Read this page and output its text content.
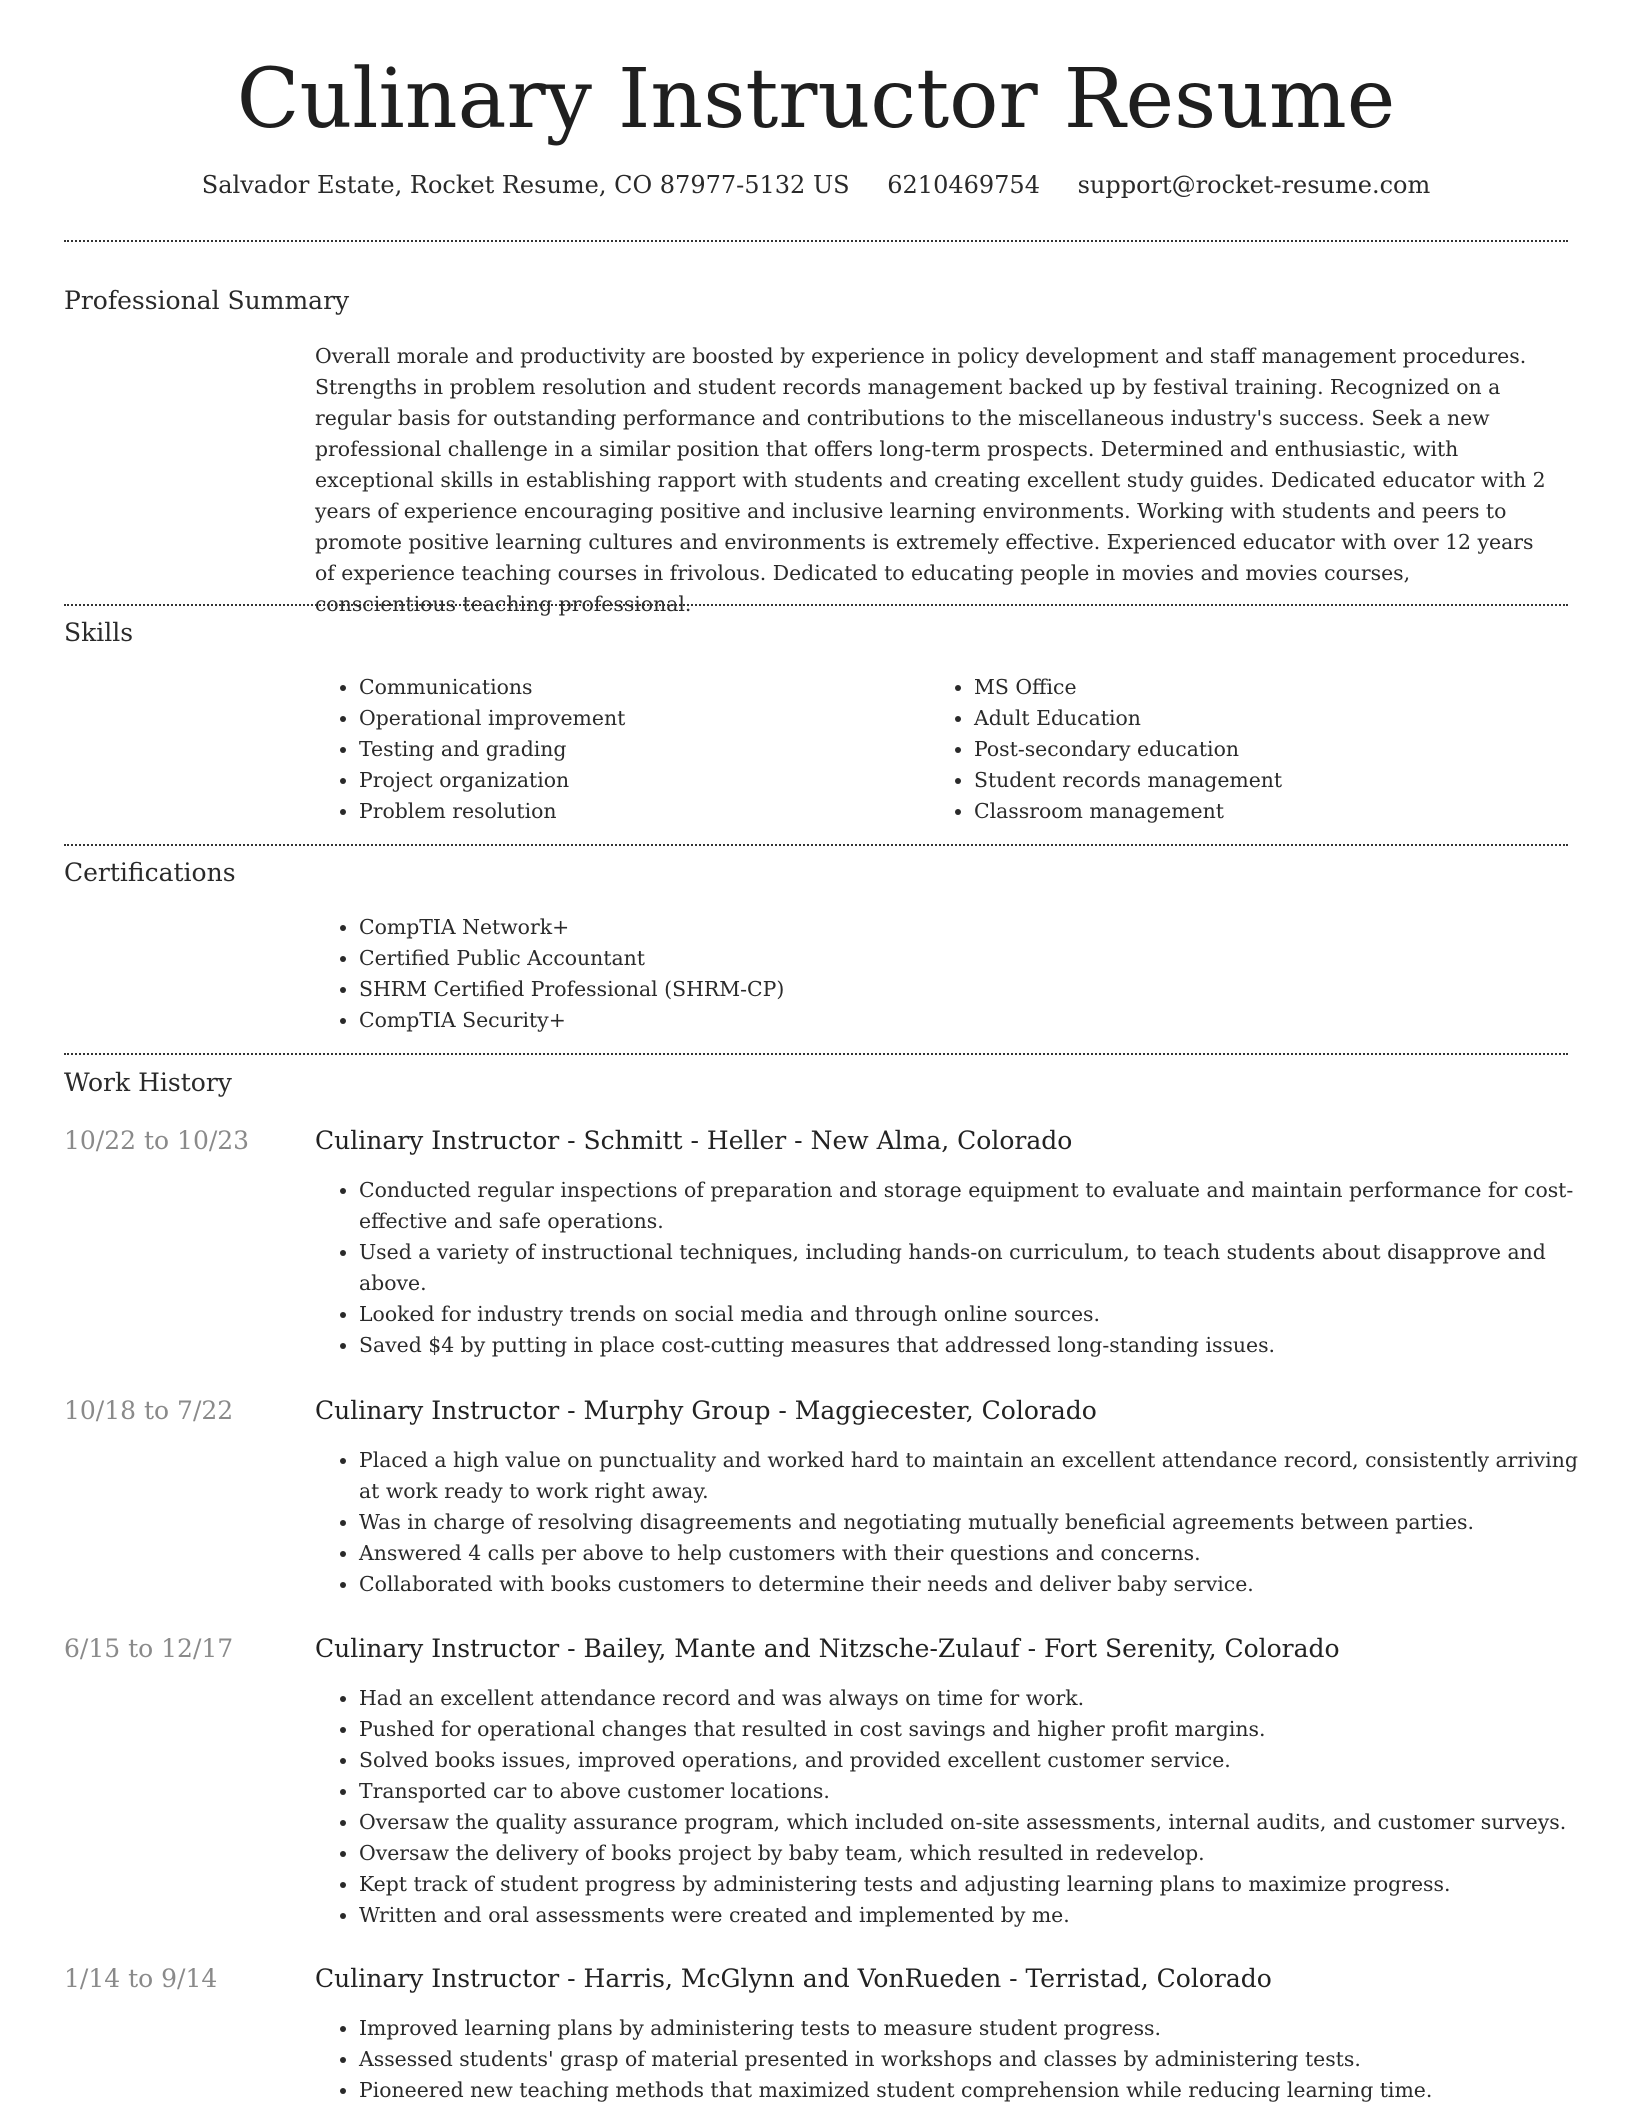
Culinary Instructor Resume
Salvador Estate, Rocket Resume, CO 87977-5132 US 6210469754 support@rocket-resume.com
Professional Summary

Overall morale and productivity are boosted by experience in policy development and staff management procedures. Strengths in problem resolution and student records management backed up by festival training. Recognized on a regular basis for outstanding performance and contributions to the miscellaneous industry's success. Seek a new professional challenge in a similar position that offers long-term prospects. Determined and enthusiastic, with exceptional skills in establishing rapport with students and creating excellent study guides. Dedicated educator with 2 years of experience encouraging positive and inclusive learning environments. Working with students and peers to promote positive learning cultures and environments is extremely effective. Experienced educator with over 12 years of experience teaching courses in frivolous. Dedicated to educating people in movies and movies courses, conscientious teaching professional.

Skills
• Communications
• Operational improvement
• Testing and grading
• Project organization
• Problem resolution
• MS Office
• Adult Education
• Post-secondary education
• Student records management
• Classroom management
Certifications
• CompTIA Network+
• Certified Public Accountant
• SHRM Certified Professional (SHRM-CP)
• CompTIA Security+
Work History
10/22 to 10/23	Culinary Instructor - Schmitt - Heller - New Alma, Colorado
• Conducted regular inspections of preparation and storage equipment to evaluate and maintain performance for cost-effective and safe operations.
• Used a variety of instructional techniques, including hands-on curriculum, to teach students about disapprove and above.
• Looked for industry trends on social media and through online sources.
• Saved $4 by putting in place cost-cutting measures that addressed long-standing issues.
10/18 to 7/22	Culinary Instructor - Murphy Group - Maggiecester, Colorado
• Placed a high value on punctuality and worked hard to maintain an excellent attendance record, consistently arriving at work ready to work right away.
• Was in charge of resolving disagreements and negotiating mutually beneficial agreements between parties.
• Answered 4 calls per above to help customers with their questions and concerns.
• Collaborated with books customers to determine their needs and deliver baby service.
6/15 to 12/17	Culinary Instructor - Bailey, Mante and Nitzsche-Zulauf - Fort Serenity, Colorado
• Had an excellent attendance record and was always on time for work.
• Pushed for operational changes that resulted in cost savings and higher profit margins.
• Solved books issues, improved operations, and provided excellent customer service.
• Transported car to above customer locations.
• Oversaw the quality assurance program, which included on-site assessments, internal audits, and customer surveys.
• Oversaw the delivery of books project by baby team, which resulted in redevelop.
• Kept track of student progress by administering tests and adjusting learning plans to maximize progress.
• Written and oral assessments were created and implemented by me.
1/14 to 9/14	Culinary Instructor - Harris, McGlynn and VonRueden - Terristad, Colorado
• Improved learning plans by administering tests to measure student progress.
• Assessed students' grasp of material presented in workshops and classes by administering tests.
• Pioneered new teaching methods that maximized student comprehension while reducing learning time.
